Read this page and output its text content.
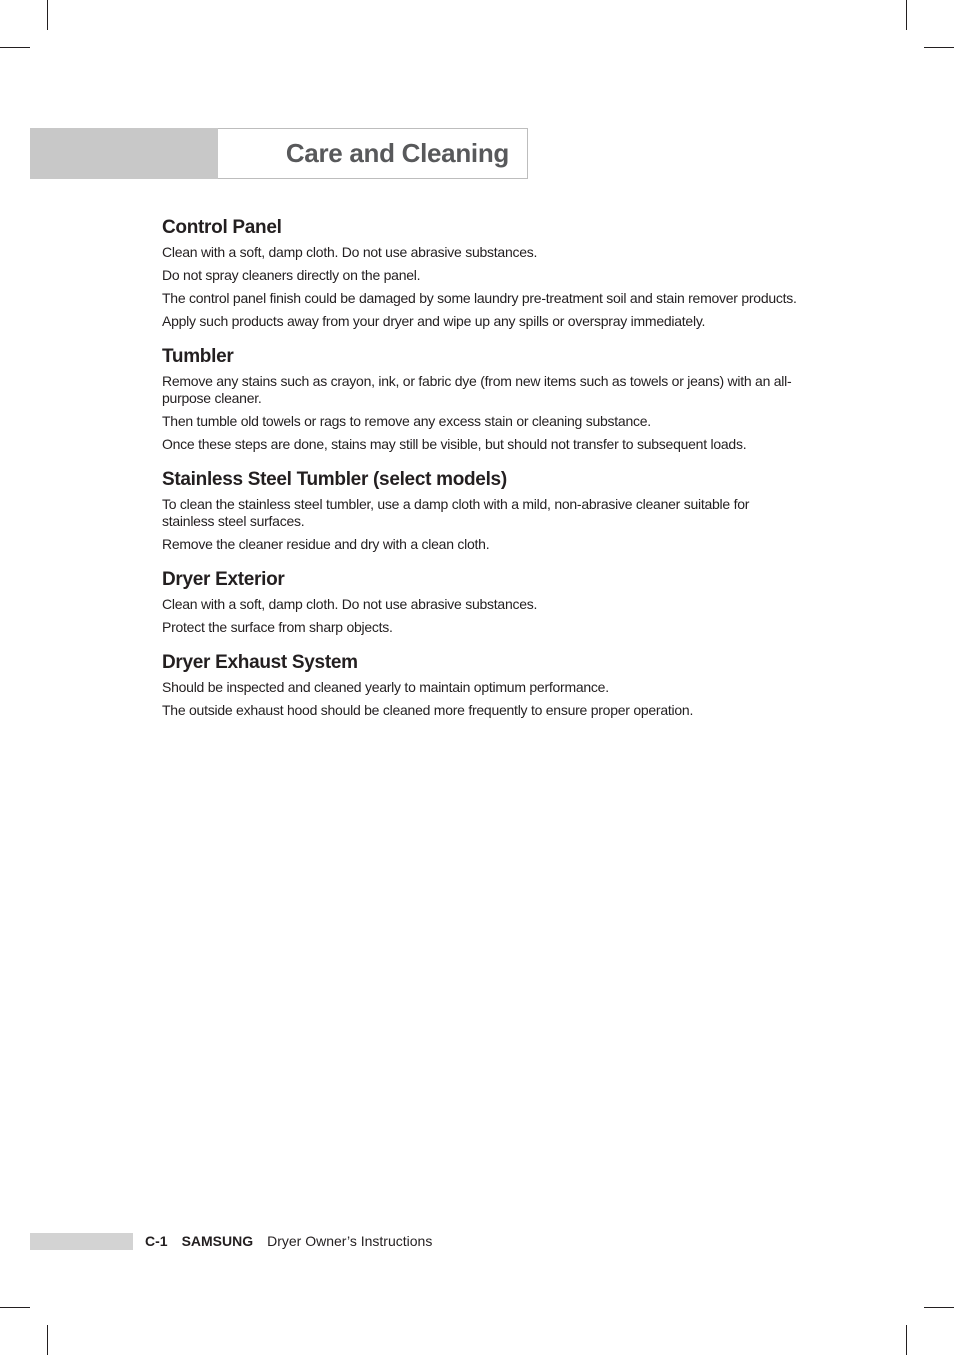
Care and Cleaning
Control Panel

Clean with a soft, damp cloth. Do not use abrasive substances.

Do not spray cleaners directly on the panel.

The control panel finish could be damaged by some laundry pre-treatment soil and stain remover products.

Apply such products away from your dryer and wipe up any spills or overspray immediately.

Tumbler

Remove any stains such as crayon, ink, or fabric dye (from new items such as towels or jeans) with an all-purpose cleaner.

Then tumble old towels or rags to remove any excess stain or cleaning substance.

Once these steps are done, stains may still be visible, but should not transfer to subsequent loads.

Stainless Steel Tumbler (select models)

To clean the stainless steel tumbler, use a damp cloth with a mild, non-abrasive cleaner suitable for stainless steel surfaces.

Remove the cleaner residue and dry with a clean cloth.

Dryer Exterior

Clean with a soft, damp cloth. Do not use abrasive substances.

Protect the surface from sharp objects.

Dryer Exhaust System

Should be inspected and cleaned yearly to maintain optimum performance.

The outside exhaust hood should be cleaned more frequently to ensure proper operation.

C-1 SAMSUNG Dryer Owner’s Instructions
